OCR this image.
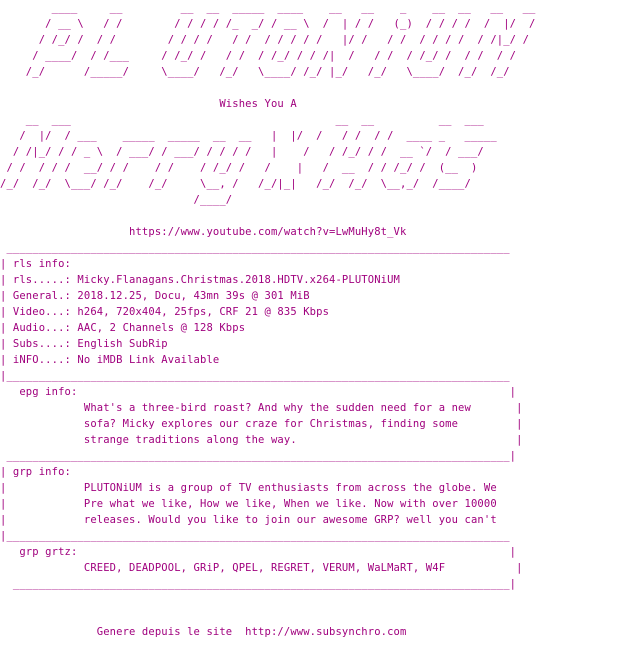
____     __         __  __  _____  ____    __   __    _    __  __   __   __
/ __ \   / /        / / / / /_  _/ / __ \  /  | / /   (_)  / / / /  /  |/  /
/ /_/ /  / /        / / / /   / /  / / / / /   |/ /   / /  / / / /  / /|_/ /
/ ____/  / /___     / /_/ /   / /  / /_/ / / /|  /   / /  / /_/ /  / /  / /
/_/      /_____/     \____/   /_/   \____/ /_/ |_/   /_/   \____/  /_/  /_/

Wishes You A
__  ___                                         __  __          __  ___
/  |/  / ___    _____  _____  __  __   |  |/  /   / /  / /  ____ _   _____
/ /|_/ / / _ \  / ___/ / ___/ / / / /   |    /   / /_/ / /  __ `/  / ___/
/ /  / / /  __/ / /    / /    / /_/ /   /    |   /  __  / / /_/ /  (__  )
/_/  /_/  \___/ /_/    /_/     \__, /   /_/|_|   /_/  /_/  \__,_/  /____/
/____/

https://www.youtube.com/watch?v=LwMuHy8t_Vk
______________________________________________________________________________
| rls info:
| rls.....: Micky.Flanagans.Christmas.2018.HDTV.x264-PLUTONiUM
| General.: 2018.12.25, Docu, 43mn 39s @ 301 MiB
| Video...: h264, 720x404, 25fps, CRF 21 @ 835 Kbps
| Audio...: AAC, 2 Channels @ 128 Kbps
| Subs....: English SubRip
| iNFO....: No iMDB Link Available
|______________________________________________________________________________
epg info:                                                                   |
What's a three-bird roast? And why the sudden need for a new       |
sofa? Micky explores our craze for Christmas, finding some         |
strange traditions along the way.                                  |
______________________________________________________________________________|
| grp info:
|            PLUTONiUM is a group of TV enthusiasts from across the globe. We
|            Pre what we like, How we like, When we like. Now with over 10000
|            releases. Would you like to join our awesome GRP? well you can't
|______________________________________________________________________________
grp grtz:                                                                   |
CREED, DEADPOOL, GRiP, QPEL, REGRET, VERUM, WaLMaRT, W4F           |
_____________________________________________________________________________|

Genere depuis le site  http://www.subsynchro.com
